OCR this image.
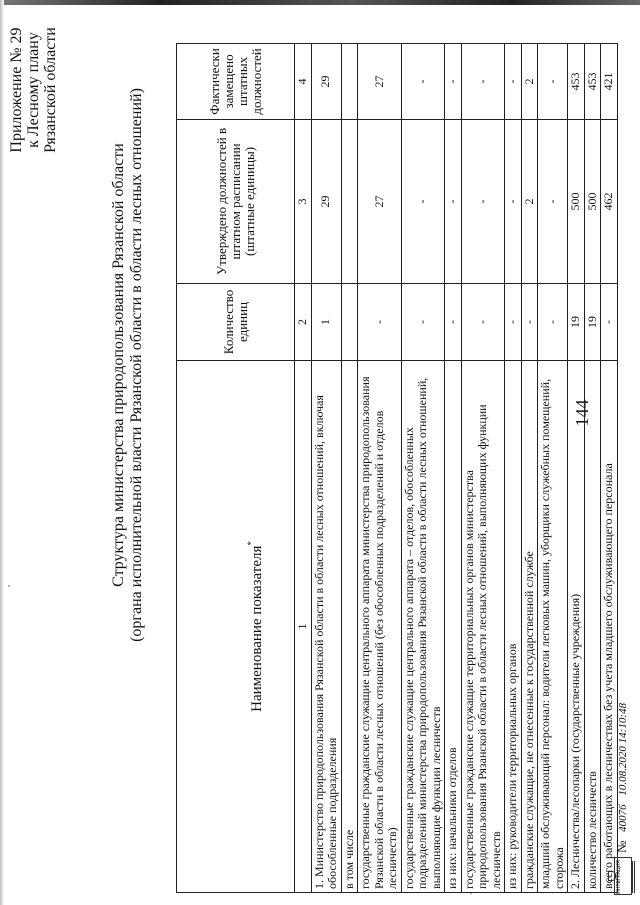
144
Приложение № 29 к Лесному плану Рязанской области
Структура министерства природопользования Рязанской области (органа исполнительной власти Рязанской области в области лесных отношений)	Наименование показателя*	Количество единиц	Утверждено должностей в штатном расписании (штатные единицы)	Фактически замещено штатных должностей
1	2	3	4
1. Министерство природопользования Рязанской области в области лесных отношений, включая обособленные подразделения	1	29	29
в том числе			
государственные гражданские служащие центрального аппарата министерства природопользования Рязанской области в области лесных отношений (без обособленных подразделений и отделов лесничеств)	-	27	27
государственные гражданские служащие центрального аппарата – отделов, обособленных подразделений министерства природопользования Рязанской области в области лесных отношений, выполняющие функции лесничеств	-	-	-
из них: начальники отделов	-	-	-
государственные гражданские служащие территориальных органов министерства природопользования Рязанской области в области лесных отношений, выполняющих функции лесничеств	-	-	-
из них: руководители территориальных органов	-	-	-
гражданские служащие, не отнесенные к государственной службе	-	2	2
младший обслуживающий персонал: водители легковых машин, уборщики служебных помещений, сторожа	-	-	-
2. Лесничества/лесопарки (государственные учреждения)	19	500	453
количество лесничеств	19	500	453
всего работающих в лесничествах без учета младшего обслуживающего персонала	-	462	421
ИНТЕГРАЦИЯ
№ 40076 10.08.2020 14:10:48
